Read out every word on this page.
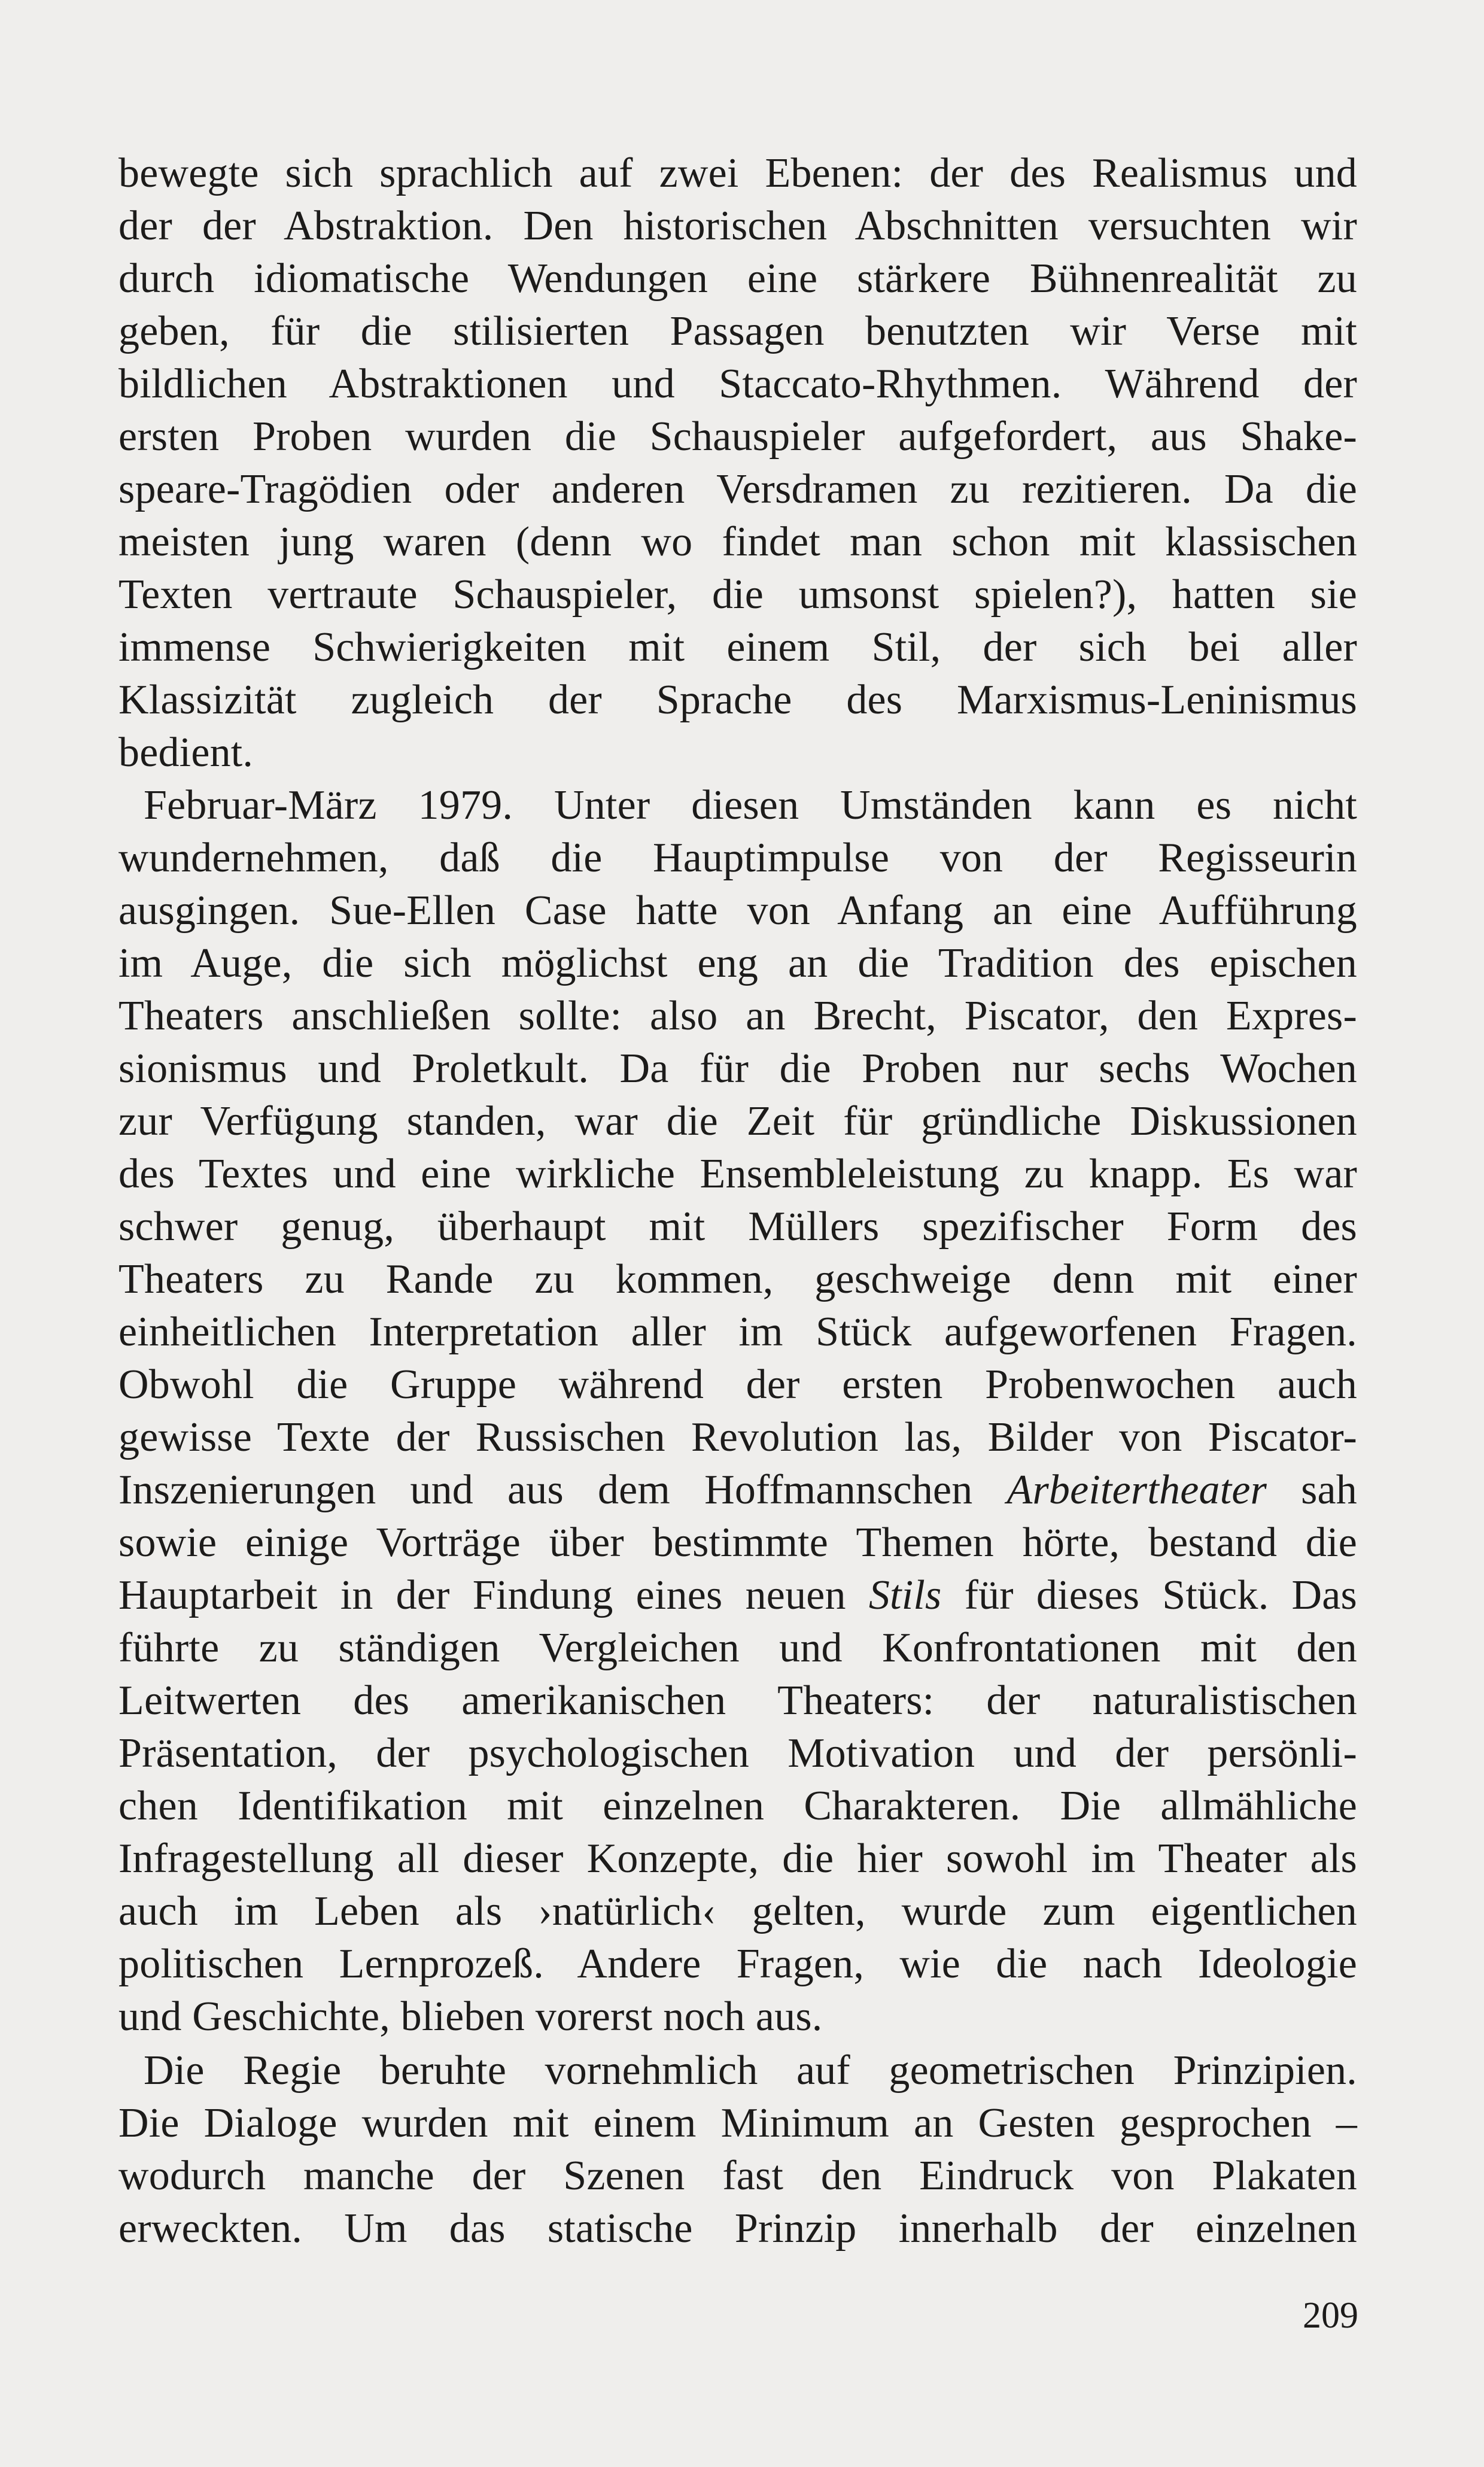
bewegte sich sprachlich auf zwei Ebenen: der des Realismus und
der der Abstraktion. Den historischen Abschnitten versuchten wir
durch idiomatische Wendungen eine stärkere Bühnenrealität zu
geben, für die stilisierten Passagen benutzten wir Verse mit
bildlichen Abstraktionen und Staccato-Rhythmen. Während der
ersten Proben wurden die Schauspieler aufgefordert, aus Shake-
speare-Tragödien oder anderen Versdramen zu rezitieren. Da die
meisten jung waren (denn wo findet man schon mit klassischen
Texten vertraute Schauspieler, die umsonst spielen?), hatten sie
immense Schwierigkeiten mit einem Stil, der sich bei aller
Klassizität zugleich der Sprache des Marxismus-Leninismus
bedient.
Februar-März 1979. Unter diesen Umständen kann es nicht
wundernehmen, daß die Hauptimpulse von der Regisseurin
ausgingen. Sue-Ellen Case hatte von Anfang an eine Aufführung
im Auge, die sich möglichst eng an die Tradition des epischen
Theaters anschließen sollte: also an Brecht, Piscator, den Expres-
sionismus und Proletkult. Da für die Proben nur sechs Wochen
zur Verfügung standen, war die Zeit für gründliche Diskussionen
des Textes und eine wirkliche Ensembleleistung zu knapp. Es war
schwer genug, überhaupt mit Müllers spezifischer Form des
Theaters zu Rande zu kommen, geschweige denn mit einer
einheitlichen Interpretation aller im Stück aufgeworfenen Fragen.
Obwohl die Gruppe während der ersten Probenwochen auch
gewisse Texte der Russischen Revolution las, Bilder von Piscator-
Inszenierungen und aus dem Hoffmannschen Arbeitertheater sah
sowie einige Vorträge über bestimmte Themen hörte, bestand die
Hauptarbeit in der Findung eines neuen Stils für dieses Stück. Das
führte zu ständigen Vergleichen und Konfrontationen mit den
Leitwerten des amerikanischen Theaters: der naturalistischen
Präsentation, der psychologischen Motivation und der persönli-
chen Identifikation mit einzelnen Charakteren. Die allmähliche
Infragestellung all dieser Konzepte, die hier sowohl im Theater als
auch im Leben als ›natürlich‹ gelten, wurde zum eigentlichen
politischen Lernprozeß. Andere Fragen, wie die nach Ideologie
und Geschichte, blieben vorerst noch aus.
Die Regie beruhte vornehmlich auf geometrischen Prinzipien.
Die Dialoge wurden mit einem Minimum an Gesten gesprochen –
wodurch manche der Szenen fast den Eindruck von Plakaten
erweckten. Um das statische Prinzip innerhalb der einzelnen
209
